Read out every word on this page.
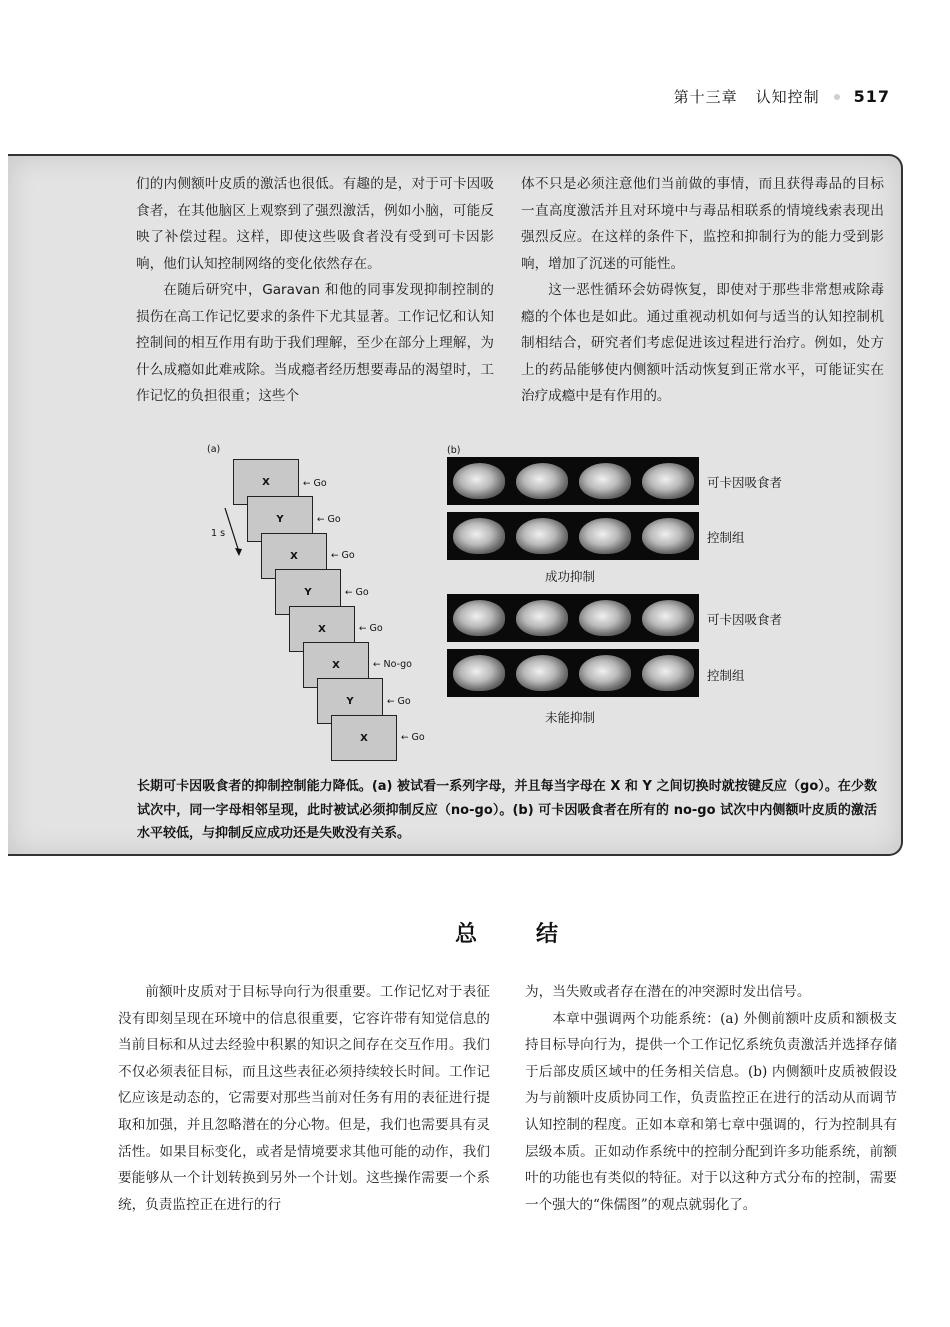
第十三章 认知控制 517

们的内侧额叶皮质的激活也很低。有趣的是，对于可卡因吸食者，在其他脑区上观察到了强烈激活，例如小脑，可能反映了补偿过程。这样，即使这些吸食者没有受到可卡因影响，他们认知控制网络的变化依然存在。

在随后研究中，Garavan 和他的同事发现抑制控制的损伤在高工作记忆要求的条件下尤其显著。工作记忆和认知控制间的相互作用有助于我们理解，至少在部分上理解，为什么成瘾如此难戒除。当成瘾者经历想要毒品的渴望时，工作记忆的负担很重；这些个

体不只是必须注意他们当前做的事情，而且获得毒品的目标一直高度激活并且对环境中与毒品相联系的情境线索表现出强烈反应。在这样的条件下，监控和抑制行为的能力受到影响，增加了沉迷的可能性。

这一恶性循环会妨碍恢复，即使对于那些非常想戒除毒瘾的个体也是如此。通过重视动机如何与适当的认知控制机制相结合，研究者们考虑促进该过程进行治疗。例如，处方上的药品能够使内侧额叶活动恢复到正常水平，可能证实在治疗成瘾中是有作用的。

(a)
1 s
X	← Go
Y	← Go
X	← Go
Y	← Go
X	← Go
X	← No-go
Y	← Go
X	← Go
(b)
可卡因吸食者
控制组
成功抑制
可卡因吸食者
控制组
未能抑制
长期可卡因吸食者的抑制控制能力降低。(a) 被试看一系列字母，并且每当字母在 X 和 Y 之间切换时就按键反应（go）。在少数试次中，同一字母相邻呈现，此时被试必须抑制反应（no-go）。(b) 可卡因吸食者在所有的 no-go 试次中内侧额叶皮质的激活水平较低，与抑制反应成功还是失败没有关系。
总	结

前额叶皮质对于目标导向行为很重要。工作记忆对于表征没有即刻呈现在环境中的信息很重要，它容许带有知觉信息的当前目标和从过去经验中积累的知识之间存在交互作用。我们不仅必须表征目标，而且这些表征必须持续较长时间。工作记忆应该是动态的，它需要对那些当前对任务有用的表征进行提取和加强，并且忽略潜在的分心物。但是，我们也需要具有灵活性。如果目标变化，或者是情境要求其他可能的动作，我们要能够从一个计划转换到另外一个计划。这些操作需要一个系统，负责监控正在进行的行

为，当失败或者存在潜在的冲突源时发出信号。

本章中强调两个功能系统：(a) 外侧前额叶皮质和额极支持目标导向行为，提供一个工作记忆系统负责激活并选择存储于后部皮质区域中的任务相关信息。(b) 内侧额叶皮质被假设为与前额叶皮质协同工作，负责监控正在进行的活动从而调节认知控制的程度。正如本章和第七章中强调的，行为控制具有层级本质。正如动作系统中的控制分配到许多功能系统，前额叶的功能也有类似的特征。对于以这种方式分布的控制，需要一个强大的“侏儒图”的观点就弱化了。
